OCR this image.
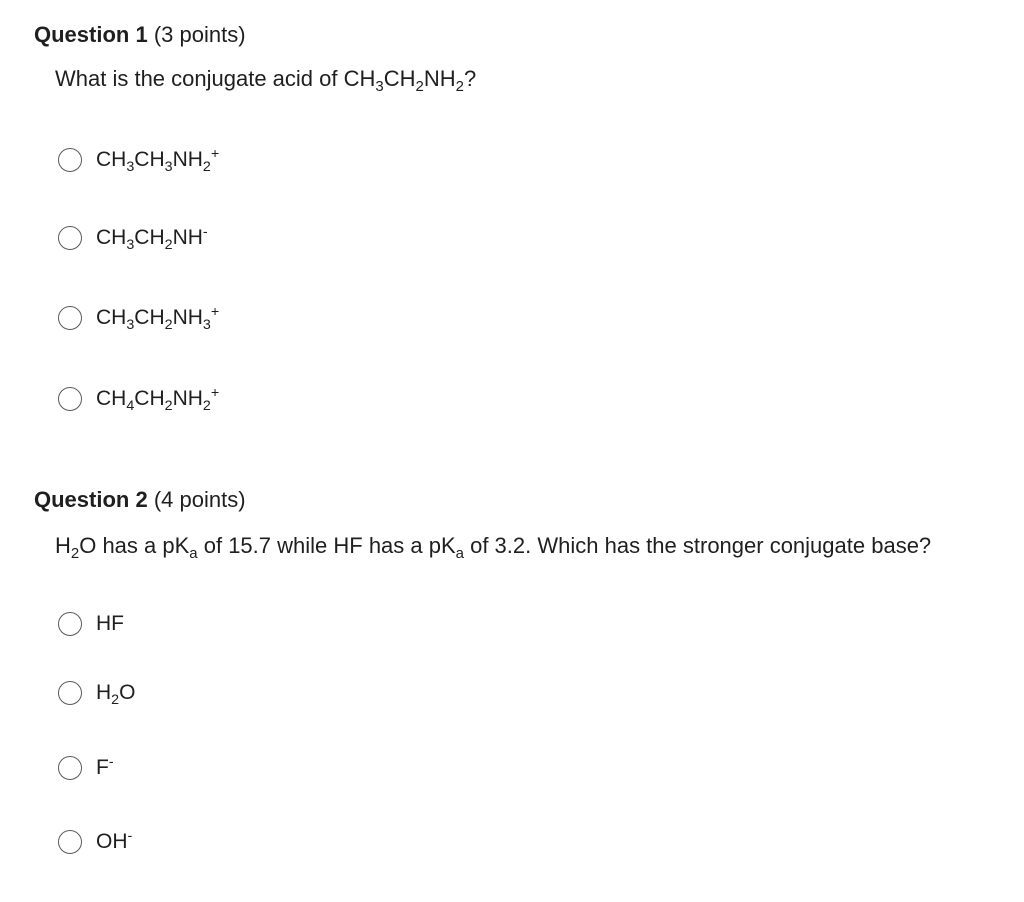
Question 1 (3 points)
What is the conjugate acid of $CH_3CH_2NH_2$?
$CH_3CH_3NH_2^+$
$CH_3CH_2NH^-$
$CH_3CH_2NH_3^+$
$CH_4CH_2NH_2^+$
Question 2 (4 points)
$H_2O$ has a $pK_a$ of 15.7 while HF has a $pK_a$ of 3.2. Which has the stronger conjugate base?
HF
$H_2O$
F-
OH-
